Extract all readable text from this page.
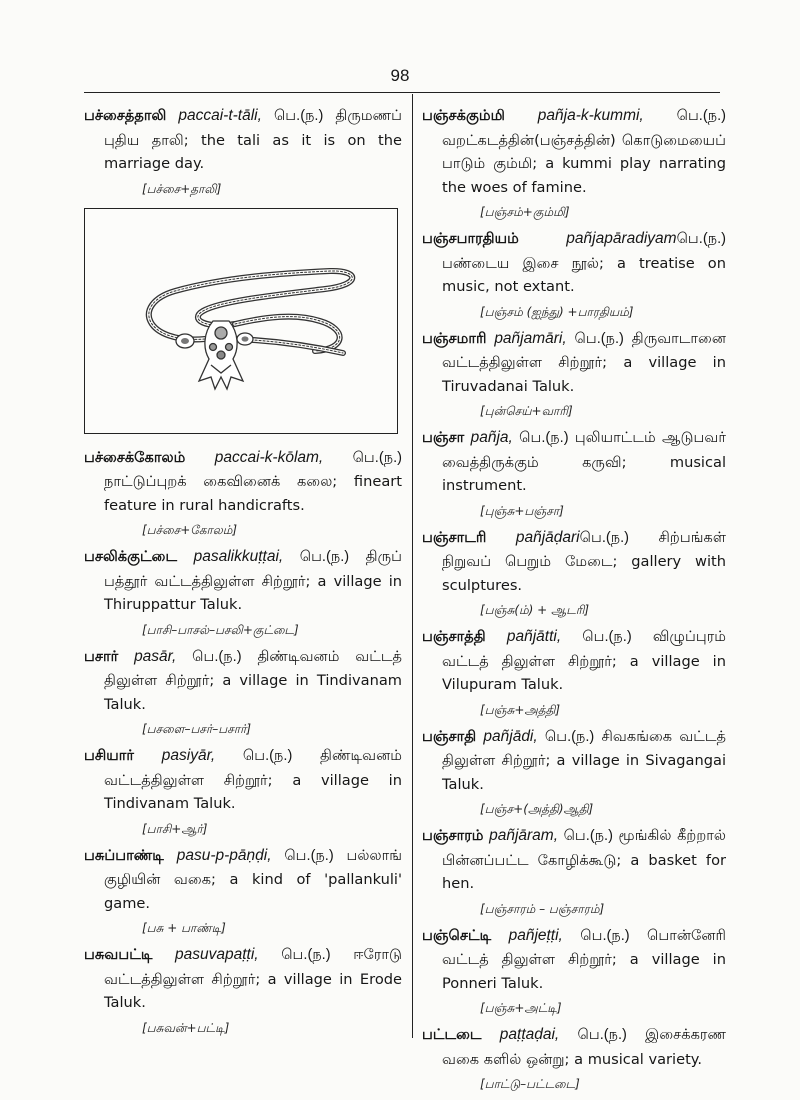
98

பச்சைத்தாலி paccai-t-tāli, பெ.(ந.) திருமணப் புதிய தாலி; the tali as it is on the marriage day.

[பச்சை+தாலி]

பச்சைக்கோலம் paccai-k-kōlam, பெ.(ந.) நாட்டுப்புறக் கைவினைக் கலை; fineart feature in rural handicrafts.

[பச்சை+கோலம்]

பசலிக்குட்டை pasalikkuṭṭai, பெ.(ந.) திருப் பத்தூர் வட்டத்திலுள்ள சிற்றூர்; a village in Thiruppattur Taluk.

[பாசி–பாசல்–பசலி+குட்டை]

பசார் pasār, பெ.(ந.) திண்டிவனம் வட்டத் திலுள்ள சிற்றூர்; a village in Tindivanam Taluk.

[பசளை–பசர்–பசார்]

பசியார் pasiyār, பெ.(ந.) திண்டிவனம் வட்டத்திலுள்ள சிற்றூர்; a village in Tindivanam Taluk.

[பாசி+ஆர்]

பசுப்பாண்டி pasu-p-pāṇḍi, பெ.(ந.) பல்லாங் குழியின் வகை; a kind of 'pallankuli' game.

[பசு + பாண்டி]

பசுவபட்டி pasuvapaṭṭi, பெ.(ந.) ஈரோடு வட்டத்திலுள்ள சிற்றூர்; a village in Erode Taluk.

[பசுவன்+பட்டி]

பஞ்சக்கும்மி pañja-k-kummi, பெ.(ந.) வறட்கடத்தின்(பஞ்சத்தின்) கொடுமையைப் பாடும் கும்மி; a kummi play narrating the woes of famine.

[பஞ்சம்+கும்மி]

பஞ்சபாரதியம்	pañjapāradiyamபெ.(ந.) பண்டைய இசை நூல்; a treatise on music, not extant.

[பஞ்சம் (ஐந்து) +பாரதியம்]

பஞ்சமாரி pañjamāri, பெ.(ந.) திருவாடானை வட்டத்திலுள்ள சிற்றூர்; a village in Tiruvadanai Taluk.

[புன்செய்+வாரி]

பஞ்சா pañja, பெ.(ந.) புலியாட்டம் ஆடுபவர் வைத்திருக்கும் கருவி; musical instrument.

[புஞ்சு+பஞ்சா]

பஞ்சாடரி pañjāḍariபெ.(ந.) சிற்பங்கள் நிறுவப் பெறும் மேடை; gallery with sculptures.

[பஞ்சு(ம்) + ஆடரி]

பஞ்சாத்தி pañjātti, பெ.(ந.) விழுப்புரம் வட்டத் திலுள்ள சிற்றூர்; a village in Vilupuram Taluk.

[பஞ்சு+அத்தி]

பஞ்சாதி pañjādi, பெ.(ந.) சிவகங்கை வட்டத் திலுள்ள சிற்றூர்; a village in Sivagangai Taluk.

[பஞ்ச+(அத்தி)ஆதி]

பஞ்சாரம் pañjāram, பெ.(ந.) மூங்கில் கீற்றால் பின்னப்பட்ட கோழிக்கூடு; a basket for hen.

[பஞ்சாரம் – பஞ்சாரம்]

பஞ்செட்டி pañjeṭṭi, பெ.(ந.) பொன்னேரி வட்டத் திலுள்ள சிற்றூர்; a village in Ponneri Taluk.

[பஞ்சு+அட்டி]

பட்டடை paṭṭaḍai, பெ.(ந.) இசைக்கரண வகை களில் ஒன்று; a musical variety.

[பாட்டு–பட்டடை]
